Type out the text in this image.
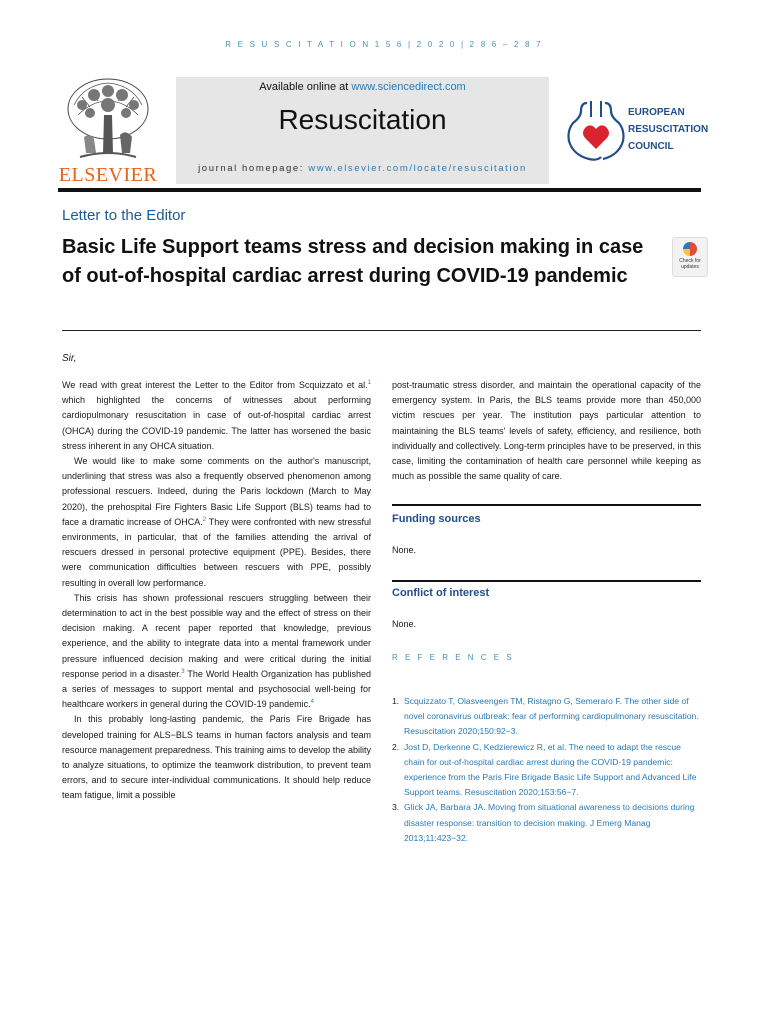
R E S U S C I T A T I O N 1 5 6 | 2 0 2 0 | 2 8 6 – 2 8 7
ELSEVIER
Available online at www.sciencedirect.com
Resuscitation
journal homepage: www.elsevier.com/locate/resuscitation
EUROPEAN
RESUSCITATION
COUNCIL
Letter to the Editor
Basic Life Support teams stress and decision making in case of out-of-hospital cardiac arrest during COVID-19 pandemic
Check for updates
Sir,

We read with great interest the Letter to the Editor from Scquizzato et al.$^1$ which highlighted the concerns of witnesses about performing cardiopulmonary resuscitation in case of out-of-hospital cardiac arrest (OHCA) during the COVID-19 pandemic. The latter has worsened the basic stress inherent in any OHCA situation.

We would like to make some comments on the author's manuscript, underlining that stress was also a frequently observed phenomenon among professional rescuers. Indeed, during the Paris lockdown (March to May 2020), the prehospital Fire Fighters Basic Life Support (BLS) teams had to face a dramatic increase of OHCA.$^2$ They were confronted with new stressful environments, in particular, that of the families attending the arrival of rescuers dressed in personal protective equipment (PPE). Besides, there were communication difficulties between rescuers with PPE, possibly resulting in overall low performance.

This crisis has shown professional rescuers struggling between their determination to act in the best possible way and the effect of stress on their decision making. A recent paper reported that knowledge, previous experience, and the ability to integrate data into a mental framework under pressure influenced decision making and were critical during the initial response period in a disaster.$^3$ The World Health Organization has published a series of messages to support mental and psychosocial well-being for healthcare workers in general during the COVID-19 pandemic.$^4$

In this probably long-lasting pandemic, the Paris Fire Brigade has developed training for ALS−BLS teams in human factors analysis and team resource management preparedness. This training aims to develop the ability to analyze situations, to optimize the teamwork distribution, to prevent team errors, and to secure inter-individual communications. It should help reduce team fatigue, limit a possible

post-traumatic stress disorder, and maintain the operational capacity of the emergency system. In Paris, the BLS teams provide more than 450,000 victim rescues per year. The institution pays particular attention to maintaining the BLS teams' levels of safety, efficiency, and resilience, both individually and collectively. Long-term principles have to be preserved, in this case, limiting the contamination of health care personnel while keeping as much as possible the same quality of care.

Funding sources
None.
Conflict of interest
None.
R E F E R E N C E S
1. Scquizzato T, Olasveengen TM, Ristagno G, Semeraro F. The other side of novel coronavirus outbreak: fear of performing cardiopulmonary resuscitation. Resuscitation 2020;150:92−3.
2. Jost D, Derkenne C, Kedzierewicz R, et al. The need to adapt the rescue chain for out-of-hospital cardiac arrest during the COVID-19 pandemic: experience from the Paris Fire Brigade Basic Life Support and Advanced Life Support teams. Resuscitation 2020;153:56−7.
3. Glick JA, Barbara JA. Moving from situational awareness to decisions during disaster response: transition to decision making. J Emerg Manag 2013;11:423−32.
